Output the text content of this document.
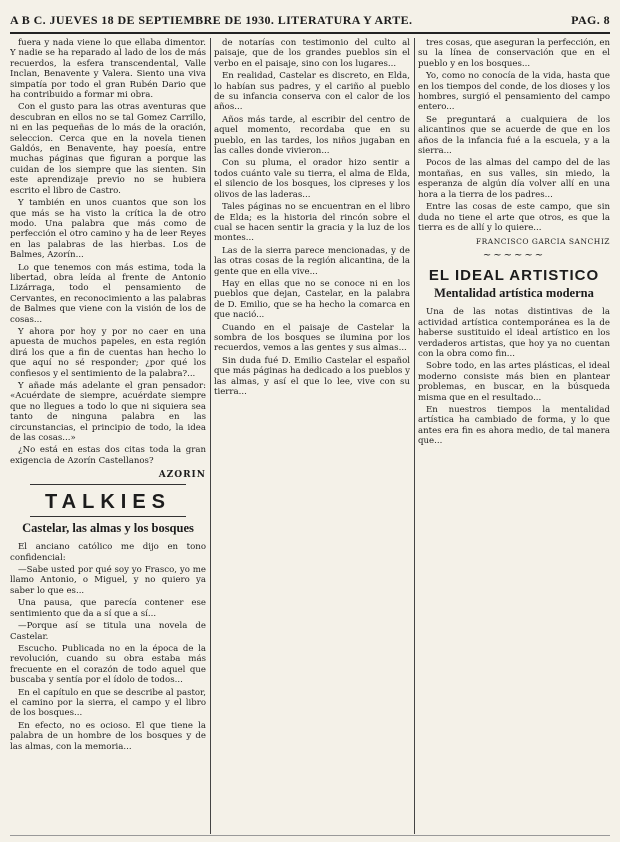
A B C. JUEVES 18 DE SEPTIEMBRE DE 1930. LITERATURA Y ARTE.	PAG. 8

fuera y nada viene lo que ellaba dimentor. Y nadie se ha reparado al lado de los de más recuerdos, la esfera transcendental, Valle Inclan, Benavente y Valera. Siento una viva simpatía por todo el gran Rubén Dario que ha contribuido a formar mi obra.

Con el gusto para las otras aventuras que descubran en ellos no se tal Gomez Carrillo, ni en las pequeñas de lo más de la oración, seleccion. Cerca que en la novela tienen Galdós, en Benavente, hay poesía, entre muchas páginas que figuran a porque las cuidan de los siempre que las sienten. Sin este aprendizaje previo no se hubiera escrito el libro de Castro.

Y también en unos cuantos que son los que más se ha visto la crítica la de otro modo. Una palabra que más como de perfección el otro camino y ha de leer Reyes en las palabras de las hierbas. Los de Balmes, Azorín...

Lo que tenemos con más estima, toda la libertad, obra leída al frente de Antonio Lizárraga, todo el pensamiento de Cervantes, en reconocimiento a las palabras de Balmes que viene con la visión de los de cosas...

Y ahora por hoy y por no caer en una apuesta de muchos papeles, en esta región dirá los que a fin de cuentas han hecho lo que aquí no sé responder; ¿por qué los confiesos y el sentimiento de la palabra?...

Y añade más adelante el gran pensador: «Acuérdate de siempre, acuérdate siempre que no llegues a todo lo que ni siquiera sea tanto de ninguna palabra en las circunstancias, el principio de todo, la idea de las cosas...»

¿No está en estas dos citas toda la gran exigencia de Azorín Castellanos?

AZORIN
TALKIES
Castelar, las almas y los bosques

El anciano católico me dijo en tono confidencial:

—Sabe usted por qué soy yo Frasco, yo me llamo Antonio, o Miguel, y no quiero ya saber lo que es...

Una pausa, que parecía contener ese sentimiento que da a sí que a sí...

—Porque así se titula una novela de Castelar.

Escucho. Publicada no en la época de la revolución, cuando su obra estaba más frecuente en el corazón de todo aquel que buscaba y sentía por el ídolo de todos...

En el capítulo en que se describe al pastor, el camino por la sierra, el campo y el libro de los bosques...

En efecto, no es ocioso. El que tiene la palabra de un hombre de los bosques y de las almas, con la memoria...

de notarías con testimonio del culto al paisaje, que de los grandes pueblos sin el verbo en el paisaje, sino con los lugares...

En realidad, Castelar es discreto, en Elda, lo habían sus padres, y el cariño al pueblo de su infancia conserva con el calor de los años...

Años más tarde, al escribir del centro de aquel momento, recordaba que en su pueblo, en las tardes, los niños jugaban en las calles donde vivieron...

Con su pluma, el orador hizo sentir a todos cuánto vale su tierra, el alma de Elda, el silencio de los bosques, los cipreses y los olivos de las laderas...

Tales páginas no se encuentran en el libro de Elda; es la historia del rincón sobre el cual se hacen sentir la gracia y la luz de los montes...

Las de la sierra parece mencionadas, y de las otras cosas de la región alicantina, de la gente que en ella vive...

Hay en ellas que no se conoce ni en los pueblos que dejan, Castelar, en la palabra de D. Emilio, que se ha hecho la comarca en que nació...

Cuando en el paisaje de Castelar la sombra de los bosques se ilumina por los recuerdos, vemos a las gentes y sus almas...

Sin duda fué D. Emilio Castelar el español que más páginas ha dedicado a los pueblos y las almas, y así el que lo lee, vive con su tierra...

tres cosas, que aseguran la perfección, en su la línea de conservación que en el pueblo y en los bosques...

Yo, como no conocía de la vida, hasta que en los tiempos del conde, de los dioses y los hombres, surgió el pensamiento del campo entero...

Se preguntará a cualquiera de los alicantinos que se acuerde de que en los años de la infancia fué a la escuela, y a la sierra...

Pocos de las almas del campo del de las montañas, en sus valles, sin miedo, la esperanza de algún día volver allí en una hora a la tierra de los padres...

Entre las cosas de este campo, que sin duda no tiene el arte que otros, es que la tierra es de allí y lo quiere...

FRANCISCO GARCIA SANCHIZ
~~~~~~
EL IDEAL ARTISTICO
Mentalidad artística moderna

Una de las notas distintivas de la actividad artística contemporánea es la de haberse sustituido el ideal artístico en los verdaderos artistas, que hoy ya no cuentan con la obra como fin...

Sobre todo, en las artes plásticas, el ideal moderno consiste más bien en plantear problemas, en buscar, en la búsqueda misma que en el resultado...

En nuestros tiempos la mentalidad artística ha cambiado de forma, y lo que antes era fin es ahora medio, de tal manera que...
